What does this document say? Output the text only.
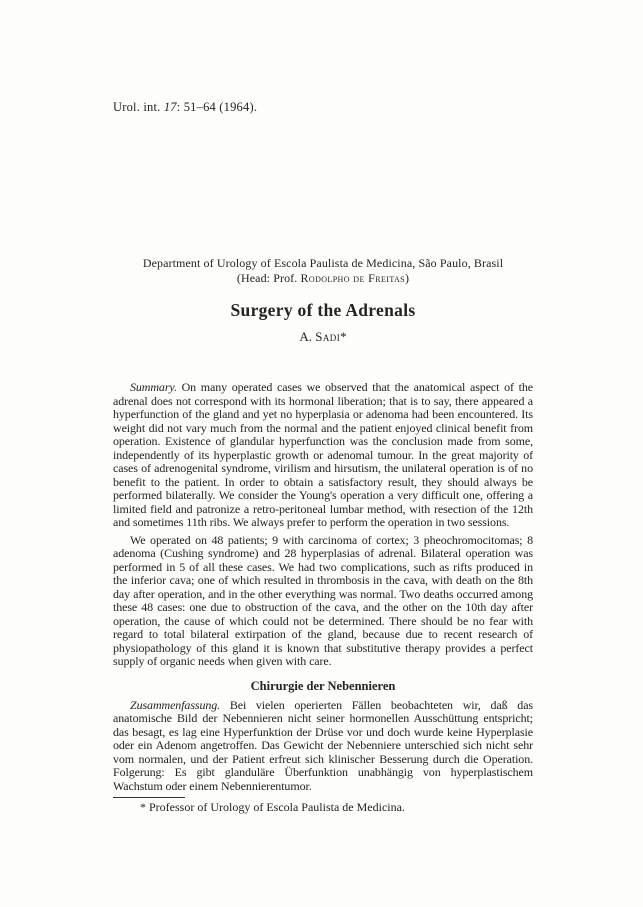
Urol. int. 17: 51–64 (1964).
Department of Urology of Escola Paulista de Medicina, São Paulo, Brasil
(Head: Prof. Rodolpho de Freitas)
Surgery of the Adrenals
A. Sadi*

Summary. On many operated cases we observed that the anatomical aspect of the adrenal does not correspond with its hormonal liberation; that is to say, there appeared a hyperfunction of the gland and yet no hyperplasia or adenoma had been encountered. Its weight did not vary much from the normal and the patient enjoyed clinical benefit from operation. Existence of glandular hyperfunction was the conclusion made from some, independently of its hyperplastic growth or adenomal tumour. In the great majority of cases of adrenogenital syndrome, virilism and hirsutism, the unilateral operation is of no benefit to the patient. In order to obtain a satisfactory result, they should always be performed bilaterally. We consider the Young's operation a very difficult one, offering a limited field and patronize a retro-peritoneal lumbar method, with resection of the 12th and sometimes 11th ribs. We always prefer to perform the operation in two sessions.

We operated on 48 patients; 9 with carcinoma of cortex; 3 pheochromocitomas; 8 adenoma (Cushing syndrome) and 28 hyperplasias of adrenal. Bilateral operation was performed in 5 of all these cases. We had two complications, such as rifts produced in the inferior cava; one of which resulted in thrombosis in the cava, with death on the 8th day after operation, and in the other everything was normal. Two deaths occurred among these 48 cases: one due to obstruction of the cava, and the other on the 10th day after operation, the cause of which could not be determined. There should be no fear with regard to total bilateral extirpation of the gland, because due to recent research of physiopathology of this gland it is known that substitutive therapy provides a perfect supply of organic needs when given with care.

Chirurgie der Nebennieren

Zusammenfassung. Bei vielen operierten Fällen beobachteten wir, daß das anatomische Bild der Nebennieren nicht seiner hormonellen Ausschüttung entspricht; das besagt, es lag eine Hyperfunktion der Drüse vor und doch wurde keine Hyperplasie oder ein Adenom angetroffen. Das Gewicht der Nebenniere unterschied sich nicht sehr vom normalen, und der Patient erfreut sich klinischer Besserung durch die Operation. Folgerung: Es gibt glanduläre Überfunktion unabhängig von hyperplastischem Wachstum oder einem Nebennierentumor.

* Professor of Urology of Escola Paulista de Medicina.
